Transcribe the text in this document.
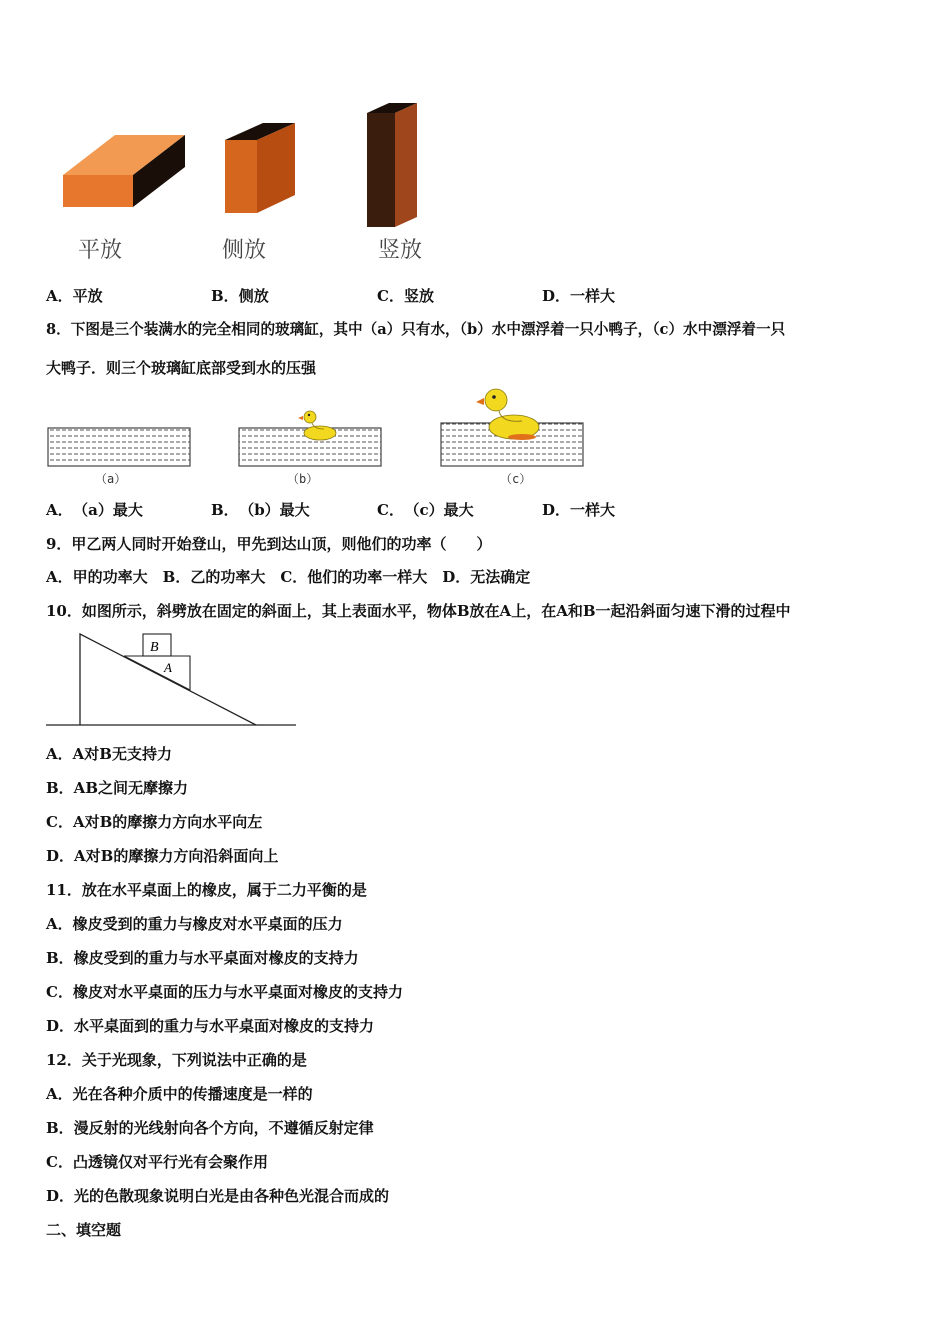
平放	侧放	竖放
A．平放	B．侧放	C．竖放	D．一样大
8．下图是三个装满水的完全相同的玻璃缸，其中（a）只有水，（b）水中漂浮着一只小鸭子，（c）水中漂浮着一只
大鸭子．则三个玻璃缸底部受到水的压强
（a）	（b）	（c）
A． （a）最大	B． （b）最大	C． （c）最大	D．一样大
9．甲乙两人同时开始登山，甲先到达山顶，则他们的功率（　　）
A．甲的功率大　B．乙的功率大　C．他们的功率一样大　D．无法确定
10．如图所示，斜劈放在固定的斜面上，其上表面水平，物体B放在A上，在A和B一起沿斜面匀速下滑的过程中
B
A
A．A对B无支持力
B．AB之间无摩擦力
C．A对B的摩擦力方向水平向左
D．A对B的摩擦力方向沿斜面向上
11．放在水平桌面上的橡皮，属于二力平衡的是
A．橡皮受到的重力与橡皮对水平桌面的压力
B．橡皮受到的重力与水平桌面对橡皮的支持力
C．橡皮对水平桌面的压力与水平桌面对橡皮的支持力
D．水平桌面到的重力与水平桌面对橡皮的支持力
12．关于光现象，下列说法中正确的是
A．光在各种介质中的传播速度是一样的
B．漫反射的光线射向各个方向，不遵循反射定律
C．凸透镜仅对平行光有会聚作用
D．光的色散现象说明白光是由各种色光混合而成的
二、填空题
